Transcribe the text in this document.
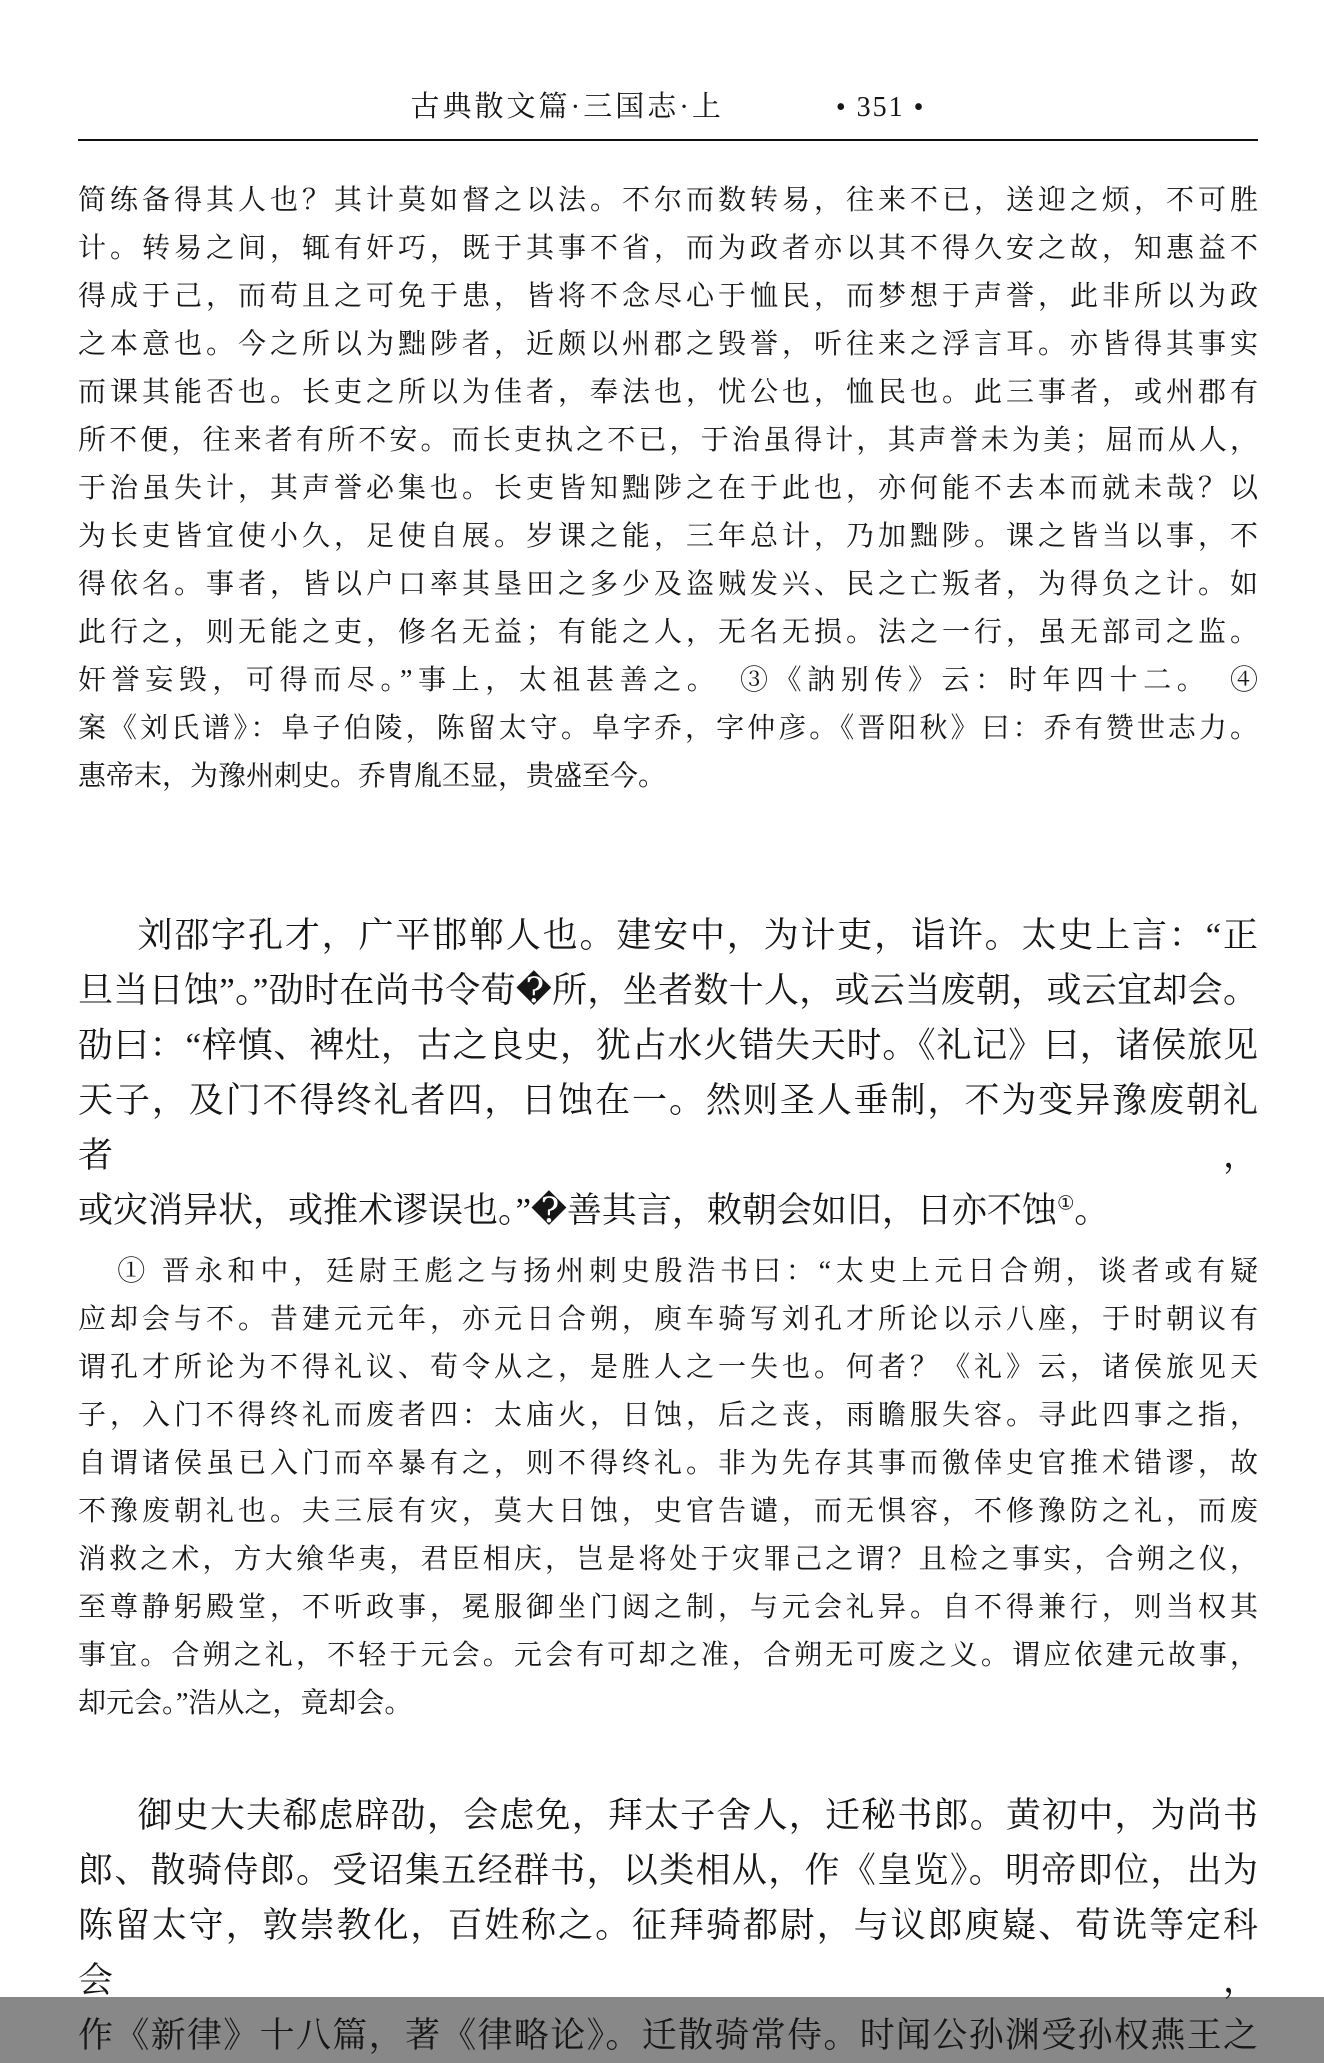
古典散文篇·三国志·上	• 351 •
简练备得其人也？其计莫如督之以法。不尔而数转易，往来不已，送迎之烦，不可胜
计。转易之间，辄有奸巧，既于其事不省，而为政者亦以其不得久安之故，知惠益不
得成于己，而苟且之可免于患，皆将不念尽心于恤民，而梦想于声誉，此非所以为政
之本意也。今之所以为黜陟者，近颇以州郡之毁誉，听往来之浮言耳。亦皆得其事实
而课其能否也。长吏之所以为佳者，奉法也，忧公也，恤民也。此三事者，或州郡有
所不便，往来者有所不安。而长吏执之不已，于治虽得计，其声誉未为美；屈而从人，
于治虽失计，其声誉必集也。长吏皆知黜陟之在于此也，亦何能不去本而就未哉？以
为长吏皆宜使小久，足使自展。岁课之能，三年总计，乃加黜陟。课之皆当以事，不
得依名。事者，皆以户口率其垦田之多少及盗贼发兴、民之亡叛者，为得负之计。如
此行之，则无能之吏，修名无益；有能之人，无名无损。法之一行，虽无部司之监。
奸誉妄毁，可得而尽。”事上，太祖甚善之。　③《訥别传》云：时年四十二。　④
案《刘氏谱》：阜子伯陵，陈留太守。阜字乔，字仲彦。《晋阳秋》曰：乔有赞世志力。
惠帝末，为豫州刺史。乔胄胤丕显，贵盛至今。
刘邵字孔才，广平邯郸人也。建安中，为计吏，诣许。太史上言：“正
旦当日蚀”。”劭时在尚书令荀�所，坐者数十人，或云当废朝，或云宜却会。
劭曰：“梓慎、裨灶，古之良史，犹占水火错失天时。《礼记》曰，诸侯旅见
天子，及门不得终礼者四，日蚀在一。然则圣人垂制，不为变异豫废朝礼者，
或灾消异状，或推术谬误也。”�善其言，敕朝会如旧，日亦不蚀①。
① 晋永和中，廷尉王彪之与扬州刺史殷浩书曰：“太史上元日合朔，谈者或有疑
应却会与不。昔建元元年，亦元日合朔，庾车骑写刘孔才所论以示八座，于时朝议有
谓孔才所论为不得礼议、荀令从之，是胜人之一失也。何者？《礼》云，诸侯旅见天
子，入门不得终礼而废者四：太庙火，日蚀，后之丧，雨瞻服失容。寻此四事之指，
自谓诸侯虽已入门而卒暴有之，则不得终礼。非为先存其事而徼倖史官推术错谬，故
不豫废朝礼也。夫三辰有灾，莫大日蚀，史官告谴，而无惧容，不修豫防之礼，而废
消救之术，方大飨华夷，君臣相庆，岂是将处于灾罪己之谓？且检之事实，合朔之仪，
至尊静躬殿堂，不听政事，冕服御坐门闼之制，与元会礼异。自不得兼行，则当权其
事宜。合朔之礼，不轻于元会。元会有可却之准，合朔无可废之义。谓应依建元故事，
却元会。”浩从之，竟却会。
御史大夫郗虑辟劭，会虑免，拜太子舍人，迁秘书郎。黄初中，为尚书
郎、散骑侍郎。受诏集五经群书，以类相从，作《皇览》。明帝即位，出为
陈留太守，敦崇教化，百姓称之。征拜骑都尉，与议郎庾嶷、荀诜等定科会，
作《新律》十八篇，著《律略论》。迁散骑常侍。时闻公孙渊受孙权燕王之
